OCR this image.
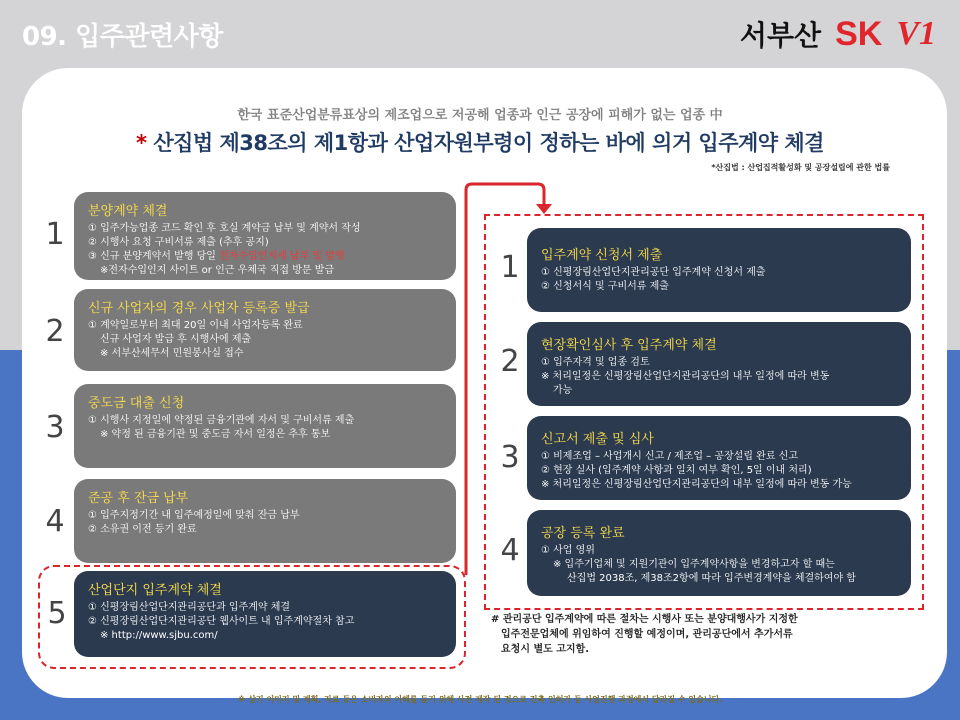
09. 입주관련사항	서부산 SK V1
한국 표준산업분류표상의 제조업으로 저공해 업종과 인근 공장에 피해가 없는 업종 中
* 산집법 제38조의 제1항과 산업자원부령이 정하는 바에 의거 입주계약 체결
*산집법 : 산업집적활성화 및 공장설립에 관한 법률
1
분양계약 체결
① 입주가능업종 코드 확인 후 호실 계약금 납부 및 계약서 작성
② 시행사 요청 구비서류 제출 (추후 공지)
③ 신규 분양계약서 발행 당일 전자수입인지세 납부 및 발행
※전자수입인지 사이트 or 인근 우체국 직접 방문 발급
2
신규 사업자의 경우 사업자 등록증 발급
① 계약일로부터 최대 20일 이내 사업자등록 완료
신규 사업자 발급 후 시행사에 제출
※ 서부산세무서 민원봉사실 접수
3
중도금 대출 신청
① 시행사 지정일에 약정된 금융기관에 자서 및 구비서류 제출
※ 약정 된 금융기관 및 중도금 자서 일정은 추후 통보
4
준공 후 잔금 납부
① 입주지정기간 내 입주예정일에 맞춰 잔금 납부
② 소유권 이전 등기 완료
5
산업단지 입주계약 체결
① 신평장림산업단지관리공단과 입주계약 체결
② 신평장림산업단지관리공단 웹사이트 내 입주계약절차 참고
※ http://www.sjbu.com/
1	입주계약 신청서 제출
① 신평장림산업단지관리공단 입주계약 신청서 제출
② 신청서식 및 구비서류 제출
2	현장확인심사 후 입주계약 체결
① 입주자격 및 업종 검토
※ 처리일정은 신평장림산업단지관리공단의 내부 일정에 따라 변동
가능
3
신고서 제출 및 심사
① 비제조업 – 사업개시 신고 / 제조업 – 공장설립 완료 신고
② 현장 실사 (입주계약 사항과 일치 여부 확인, 5일 이내 처리)
※ 처리일정은 신평장림산업단지관리공단의 내부 일정에 따라 변동 가능
4	공장 등록 완료
① 사업 영위
※ 입주기업체 및 지원기관이 입주계약사항을 변경하고자 할 때는
산집법 2038조, 제38조2항에 따라 입주변경계약을 체결하여야 함
# 관리공단 입주계약에 따른 절차는 시행사 또는 분양대행사가 지정한
입주전문업체에 위임하여 진행할 예정이며, 관리공단에서 추가서류
요청시 별도 고지함.
※ 상기 이미지 및 계획, 자료 등은 소비자의 이해를 돕기 위해 사전 제작 된 것으로 건축 인허가 등 사업진행 과정에서 달라질 수 있습니다.
